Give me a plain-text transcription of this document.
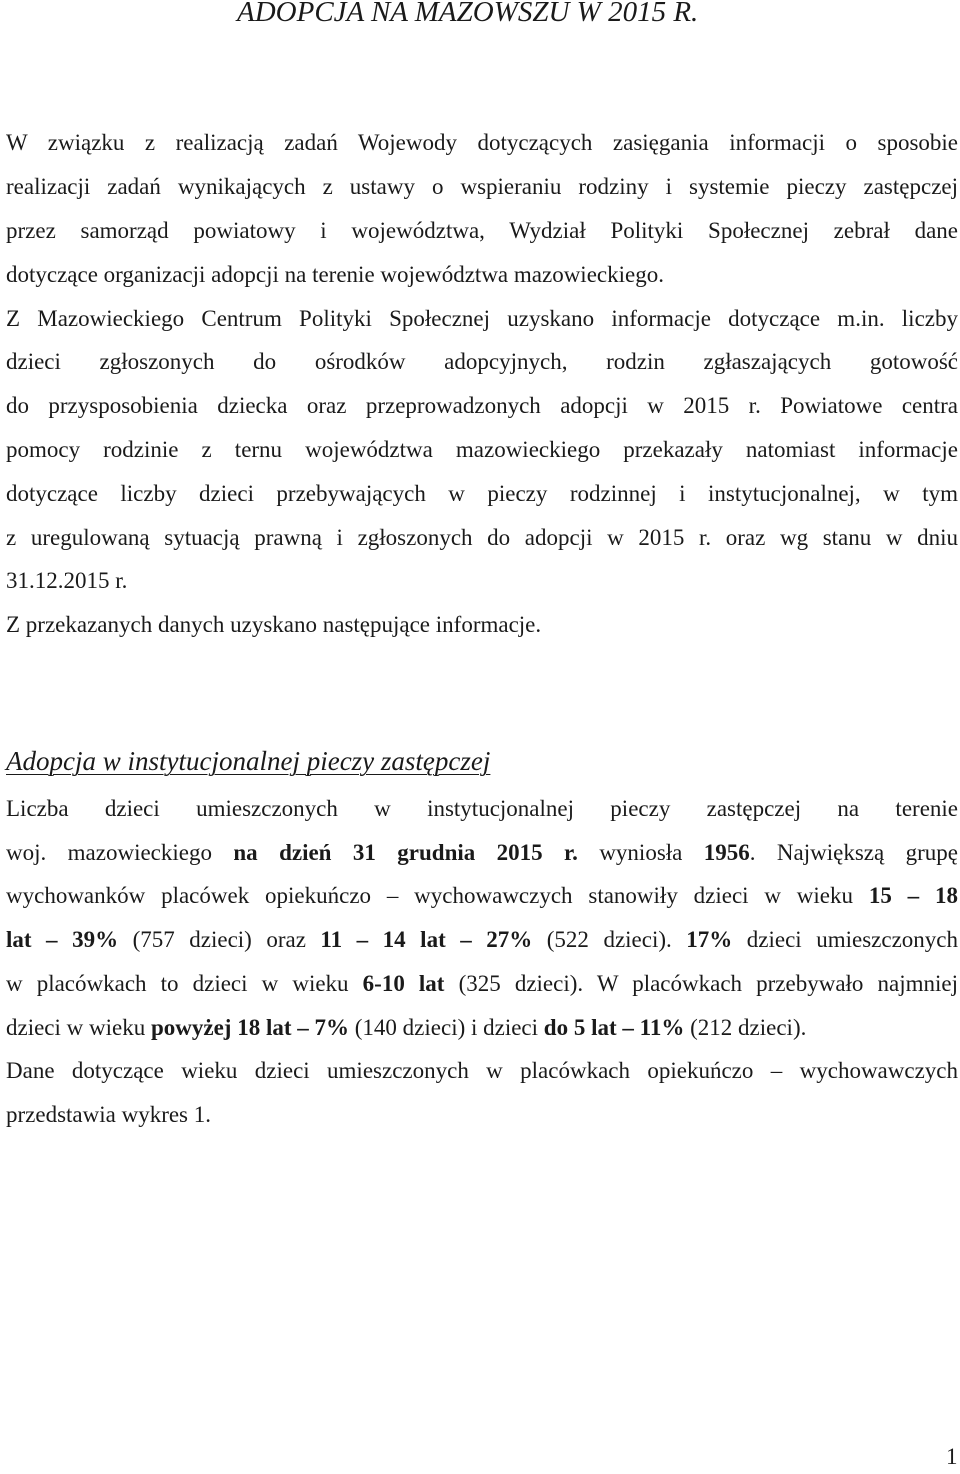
ADOPCJA NA MAZOWSZU W 2015 R.

W związku z realizacją zadań Wojewody dotyczących zasięgania informacji o sposobie

realizacji zadań wynikających z ustawy o wspieraniu rodziny i systemie pieczy zastępczej

przez samorząd powiatowy i województwa, Wydział Polityki Społecznej zebrał dane

dotyczące organizacji adopcji na terenie województwa mazowieckiego.

Z Mazowieckiego Centrum Polityki Społecznej uzyskano informacje dotyczące m.in. liczby

dzieci zgłoszonych do ośrodków adopcyjnych, rodzin zgłaszających gotowość

do przysposobienia dziecka oraz przeprowadzonych adopcji w 2015 r. Powiatowe centra

pomocy rodzinie z ternu województwa mazowieckiego przekazały natomiast informacje

dotyczące liczby dzieci przebywających w pieczy rodzinnej i instytucjonalnej, w tym

z uregulowaną sytuacją prawną i zgłoszonych do adopcji w 2015 r. oraz wg stanu w dniu

31.12.2015 r.

Z przekazanych danych uzyskano następujące informacje.

Adopcja w instytucjonalnej pieczy zastępczej

Liczba dzieci umieszczonych w instytucjonalnej pieczy zastępczej na terenie

woj. mazowieckiego na dzień 31 grudnia 2015 r. wyniosła 1956. Największą grupę

wychowanków placówek opiekuńczo – wychowawczych stanowiły dzieci w wieku 15 – 18

lat – 39% (757 dzieci) oraz 11 – 14 lat – 27% (522 dzieci). 17% dzieci umieszczonych

w placówkach to dzieci w wieku 6-10 lat (325 dzieci). W placówkach przebywało najmniej

dzieci w wieku powyżej 18 lat – 7% (140 dzieci) i dzieci do 5 lat – 11% (212 dzieci).

Dane dotyczące wieku dzieci umieszczonych w placówkach opiekuńczo – wychowawczych

przedstawia wykres 1.

1
